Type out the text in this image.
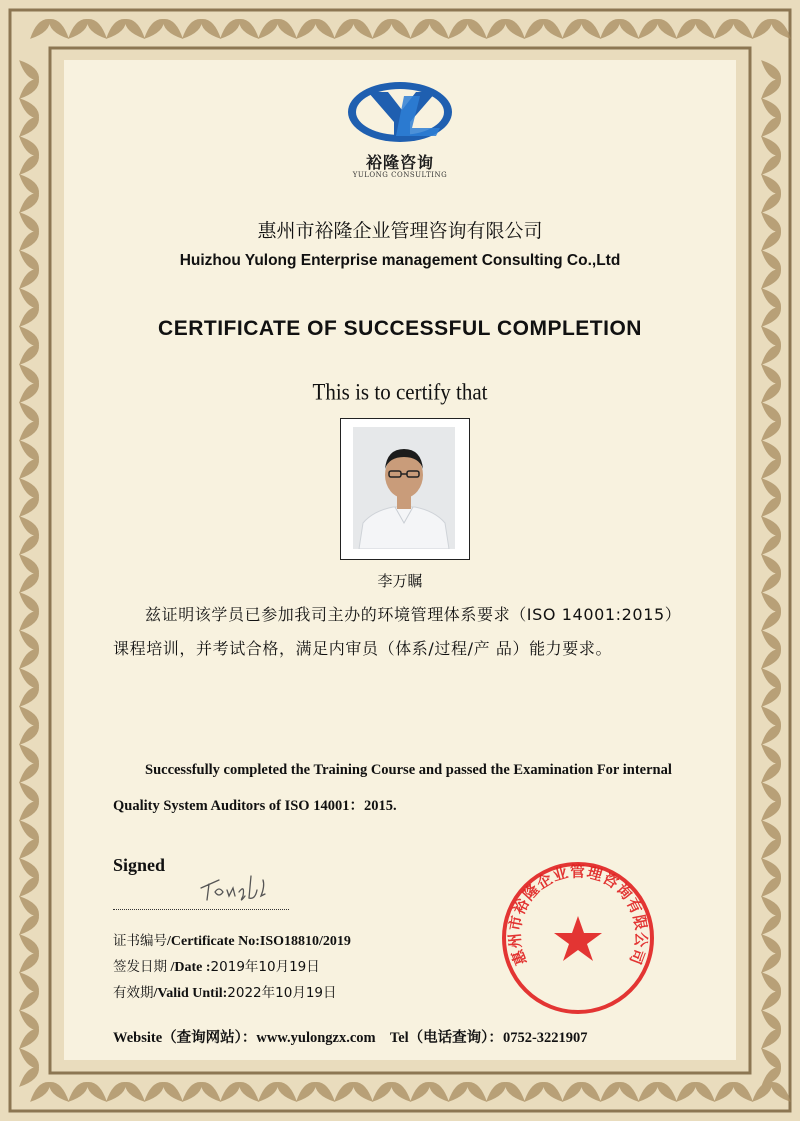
裕隆咨询
YULONG CONSULTING
惠州市裕隆企业管理咨询有限公司
Huizhou Yulong Enterprise management Consulting Co.,Ltd
CERTIFICATE OF SUCCESSFUL COMPLETION
This is to certify that
李万瞩
兹证明该学员已参加我司主办的环境管理体系要求（ISO 14001:2015）课程培训，并考试合格，满足内审员（体系/过程/产 品）能力要求。
Successfully completed the Training Course and passed the Examination For internal Quality System Auditors of ISO 14001：2015.
Signed
证书编号/Certificate No:ISO18810/2019
签发日期 /Date :2019年10月19日
有效期/Valid Until:2022年10月19日
Website（查询网站）：www.yulongzx.com Tel（电话查询）：0752-3221907
惠州市裕隆企业管理咨询有限公司
